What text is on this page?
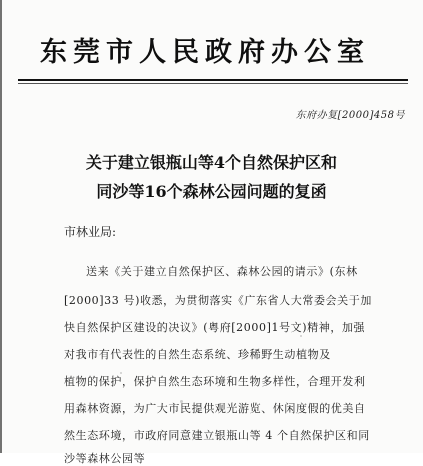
东莞市人民政府办公室
东府办复[2000]458号
关于建立银瓶山等4个自然保护区和
同沙等16个森林公园问题的复函
市林业局:
送来《关于建立自然保护区、森林公园的请示》(东林
[2000]33 号)收悉，为贯彻落实《广东省人大常委会关于加
快自然保护区建设的决议》(粤府[2000]1号文)精神，加强
对我市有代表性的自然生态系统、珍稀野生动植物及
植物的保护，保护自然生态环境和生物多样性，合理开发利
用森林资源，为广大市民提供观光游览、休闲度假的优美自
然生态环境，市政府同意建立银瓶山等 4 个自然保护区和同
沙等森林公园等
